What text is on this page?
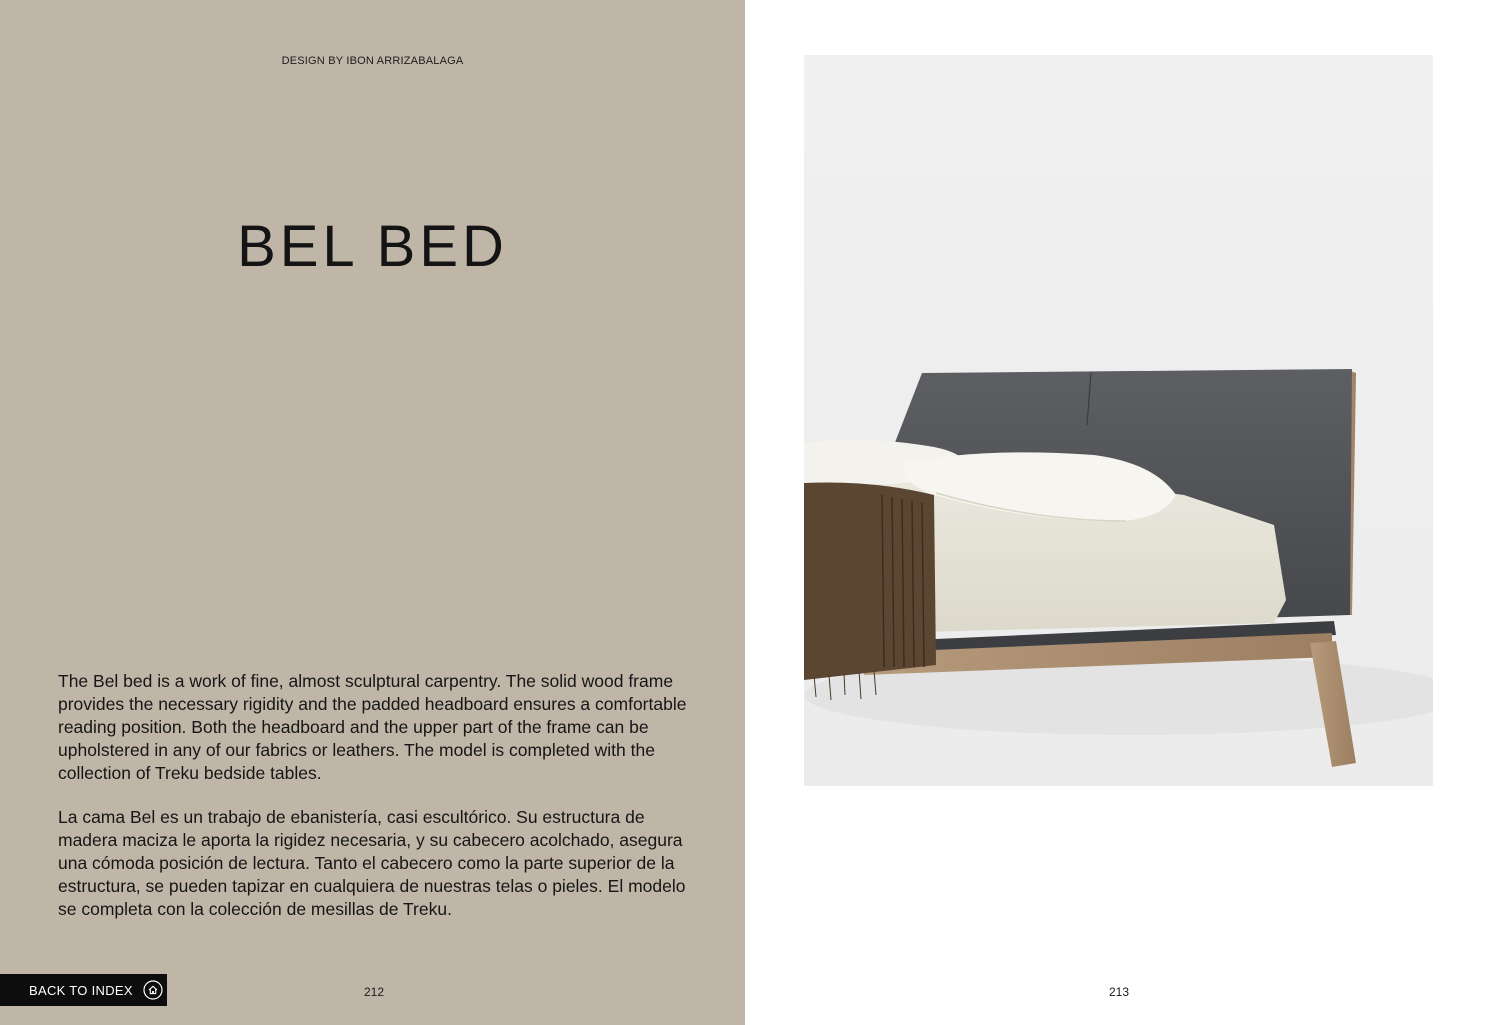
DESIGN BY IBON ARRIZABALAGA
BEL BED

The Bel bed is a work of fine, almost sculptural carpentry. The solid wood frame provides the necessary rigidity and the padded headboard ensures a comfortable reading position. Both the headboard and the upper part of the frame can be upholstered in any of our fabrics or leathers. The model is completed with the collection of Treku bedside tables.

La cama Bel es un trabajo de ebanistería, casi escultórico. Su estructura de madera maciza le aporta la rigidez necesaria, y su cabecero acolchado, asegura una cómoda posición de lectura. Tanto el cabecero como la parte superior de la estructura, se pueden tapizar en cualquiera de nuestras telas o pieles. El modelo se completa con la colección de mesillas de Treku.

212
BACK TO INDEX	213
